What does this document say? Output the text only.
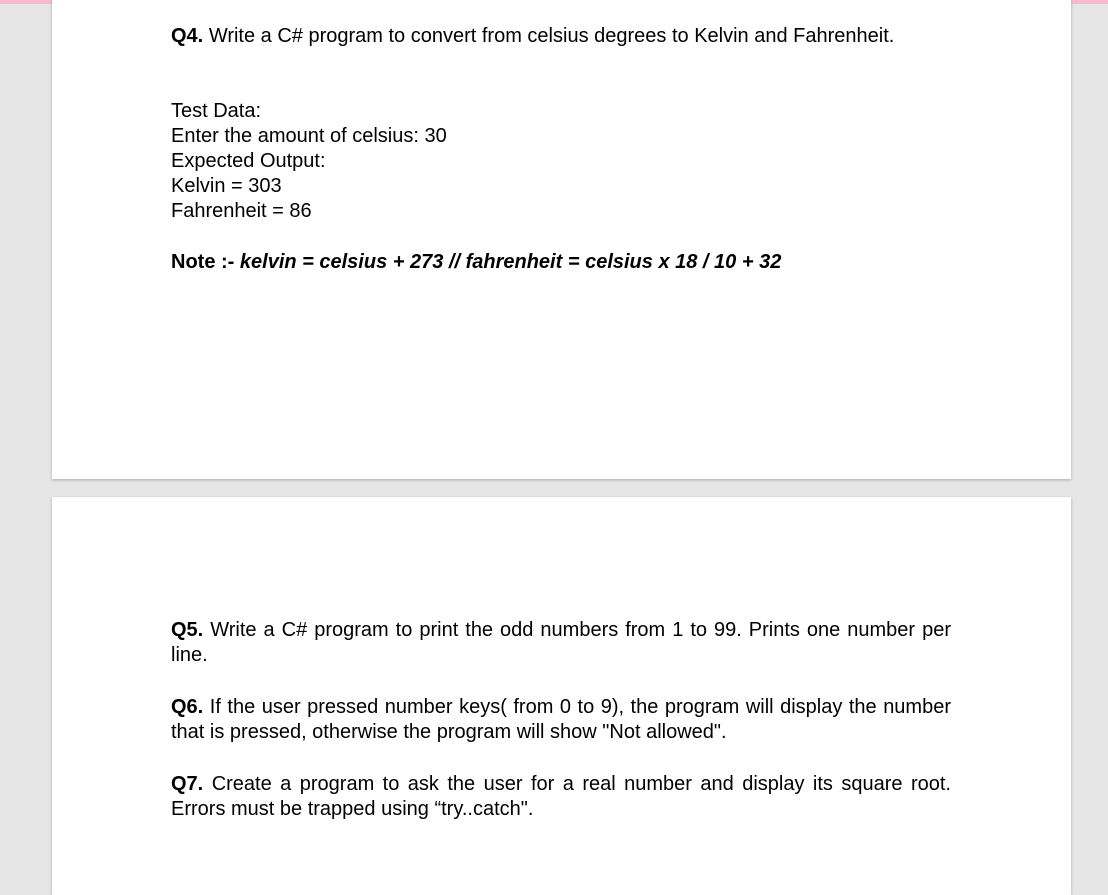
Q4. Write a C# program to convert from celsius degrees to Kelvin and Fahrenheit.
Test Data:
Enter the amount of celsius: 30
Expected Output:
Kelvin = 303
Fahrenheit = 86
Note :- kelvin = celsius + 273 // fahrenheit = celsius x 18 / 10 + 32
Q5. Write a C# program to print the odd numbers from 1 to 99. Prints one number per line.
Q6. If the user pressed number keys( from 0 to 9), the program will display the number that is pressed, otherwise the program will show "Not allowed".
Q7. Create a program to ask the user for a real number and display its square root. Errors must be trapped using “try..catch".
